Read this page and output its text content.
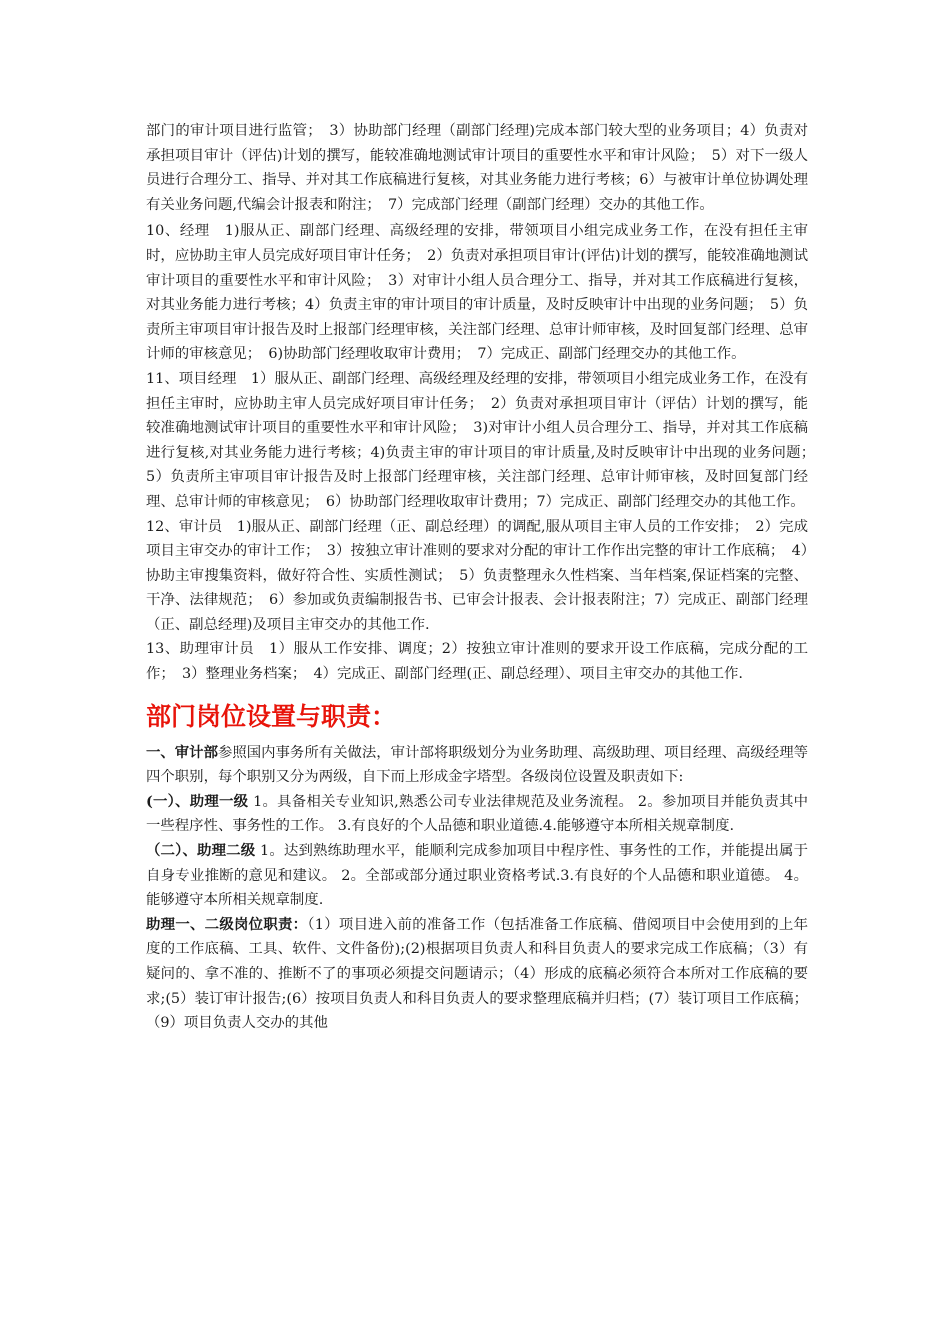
部门的审计项目进行监管；　3）协助部门经理（副部门经理)完成本部门较大型的业务项目；4）负责对承担项目审计（评估)计划的撰写，能较准确地测试审计项目的重要性水平和审计风险；　5）对下一级人员进行合理分工、指导、并对其工作底稿进行复核，对其业务能力进行考核；6）与被审计单位协调处理有关业务问题,代编会计报表和附注；　7）完成部门经理（副部门经理）交办的其他工作。

10、经理　1)服从正、副部门经理、高级经理的安排，带领项目小组完成业务工作，在没有担任主审时，应协助主审人员完成好项目审计任务；　2）负责对承担项目审计(评估)计划的撰写，能较准确地测试审计项目的重要性水平和审计风险；　3）对审计小组人员合理分工、指导，并对其工作底稿进行复核，对其业务能力进行考核；4）负责主审的审计项目的审计质量，及时反映审计中出现的业务问题；　5）负责所主审项目审计报告及时上报部门经理审核，关注部门经理、总审计师审核，及时回复部门经理、总审计师的审核意见；　6)协助部门经理收取审计费用；　7）完成正、副部门经理交办的其他工作。

11、项目经理　1）服从正、副部门经理、高级经理及经理的安排，带领项目小组完成业务工作，在没有担任主审时，应协助主审人员完成好项目审计任务；　2）负责对承担项目审计（评估）计划的撰写，能较准确地测试审计项目的重要性水平和审计风险；　3)对审计小组人员合理分工、指导，并对其工作底稿进行复核,对其业务能力进行考核；4)负责主审的审计项目的审计质量,及时反映审计中出现的业务问题；　5）负责所主审项目审计报告及时上报部门经理审核，关注部门经理、总审计师审核，及时回复部门经理、总审计师的审核意见；　6）协助部门经理收取审计费用；7）完成正、副部门经理交办的其他工作。

12、审计员　1)服从正、副部门经理（正、副总经理）的调配,服从项目主审人员的工作安排；　2）完成项目主审交办的审计工作；　3）按独立审计准则的要求对分配的审计工作作出完整的审计工作底稿；　4）协助主审搜集资料，做好符合性、实质性测试；　5）负责整理永久性档案、当年档案,保证档案的完整、干净、法律规范；　6）参加或负责编制报告书、已审会计报表、会计报表附注；7）完成正、副部门经理（正、副总经理)及项目主审交办的其他工作.

13、助理审计员　1）服从工作安排、调度；2）按独立审计准则的要求开设工作底稿，完成分配的工作；　3）整理业务档案；　4）完成正、副部门经理(正、副总经理）、项目主审交办的其他工作.

部门岗位设置与职责：

一、审计部参照国内事务所有关做法，审计部将职级划分为业务助理、高级助理、项目经理、高级经理等四个职别，每个职别又分为两级，自下而上形成金字塔型。各级岗位设置及职责如下:

(一）、助理一级 1。具备相关专业知识,熟悉公司专业法律规范及业务流程。 2。参加项目并能负责其中一些程序性、事务性的工作。 3.有良好的个人品德和职业道德.4.能够遵守本所相关规章制度.

（二）、助理二级 1。达到熟练助理水平，能顺利完成参加项目中程序性、事务性的工作，并能提出属于自身专业推断的意见和建议。 2。全部或部分通过职业资格考试.3.有良好的个人品德和职业道德。 4。能够遵守本所相关规章制度.

助理一、二级岗位职责：（1）项目进入前的准备工作（包括准备工作底稿、借阅项目中会使用到的上年度的工作底稿、工具、软件、文件备份);(2)根据项目负责人和科目负责人的要求完成工作底稿；（3）有疑问的、拿不准的、推断不了的事项必须提交问题请示；（4）形成的底稿必须符合本所对工作底稿的要求;(5）装订审计报告;(6）按项目负责人和科目负责人的要求整理底稿并归档；(7）装订项目工作底稿；（9）项目负责人交办的其他
